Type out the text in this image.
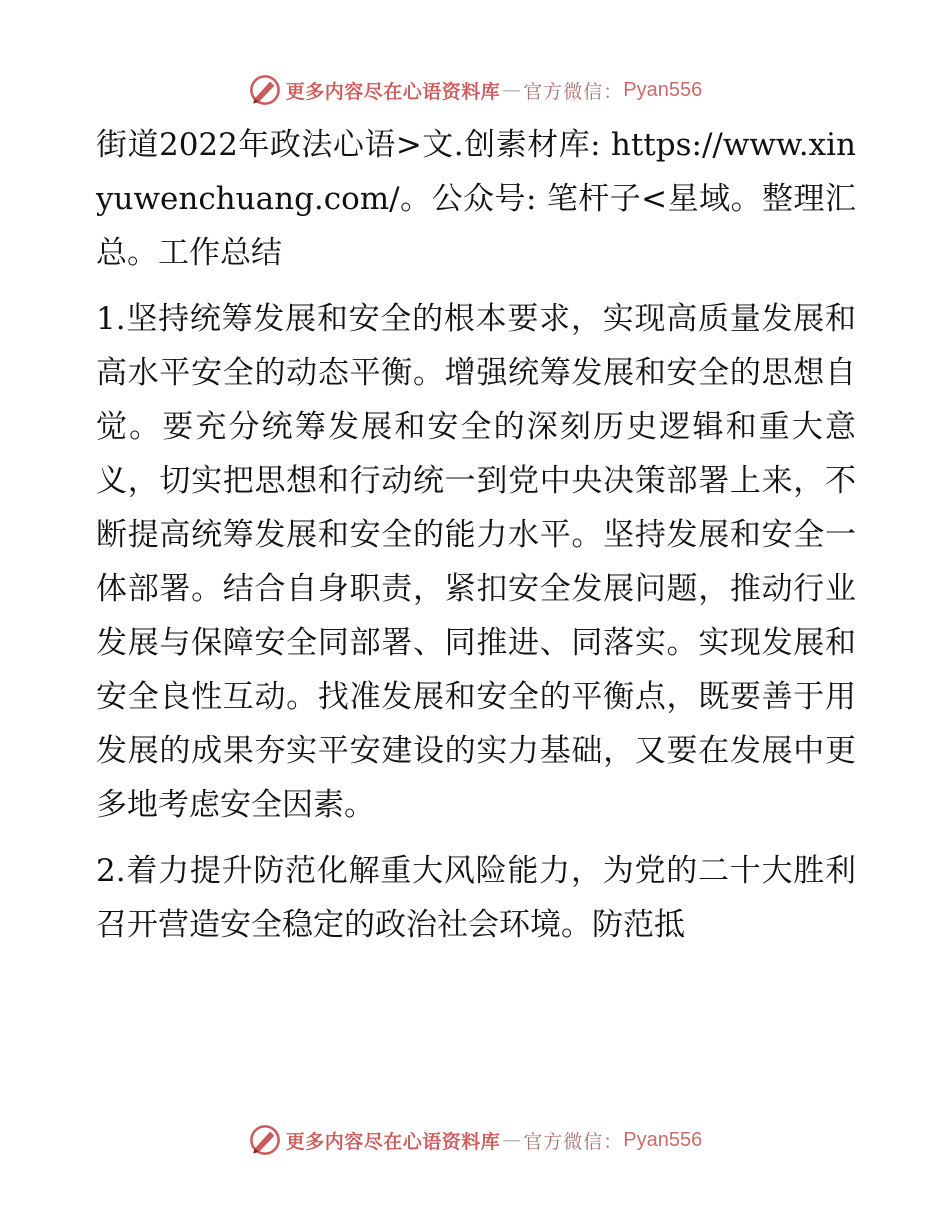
更多内容尽在心语资料库 — 官方微信： Pyan556

街道2022年政法心语>文.创素材库: https://www.xinyuwenchuang.com/。公众号: 笔杆子<星域。整理汇总。工作总结

1.坚持统筹发展和安全的根本要求，实现高质量发展和高水平安全的动态平衡。增强统筹发展和安全的思想自觉。要充分统筹发展和安全的深刻历史逻辑和重大意义，切实把思想和行动统一到党中央决策部署上来，不断提高统筹发展和安全的能力水平。坚持发展和安全一体部署。结合自身职责，紧扣安全发展问题，推动行业发展与保障安全同部署、同推进、同落实。实现发展和安全良性互动。找准发展和安全的平衡点，既要善于用发展的成果夯实平安建设的实力基础，又要在发展中更多地考虑安全因素。

2.着力提升防范化解重大风险能力，为党的二十大胜利召开营造安全稳定的政治社会环境。防范抵

更多内容尽在心语资料库 — 官方微信： Pyan556
